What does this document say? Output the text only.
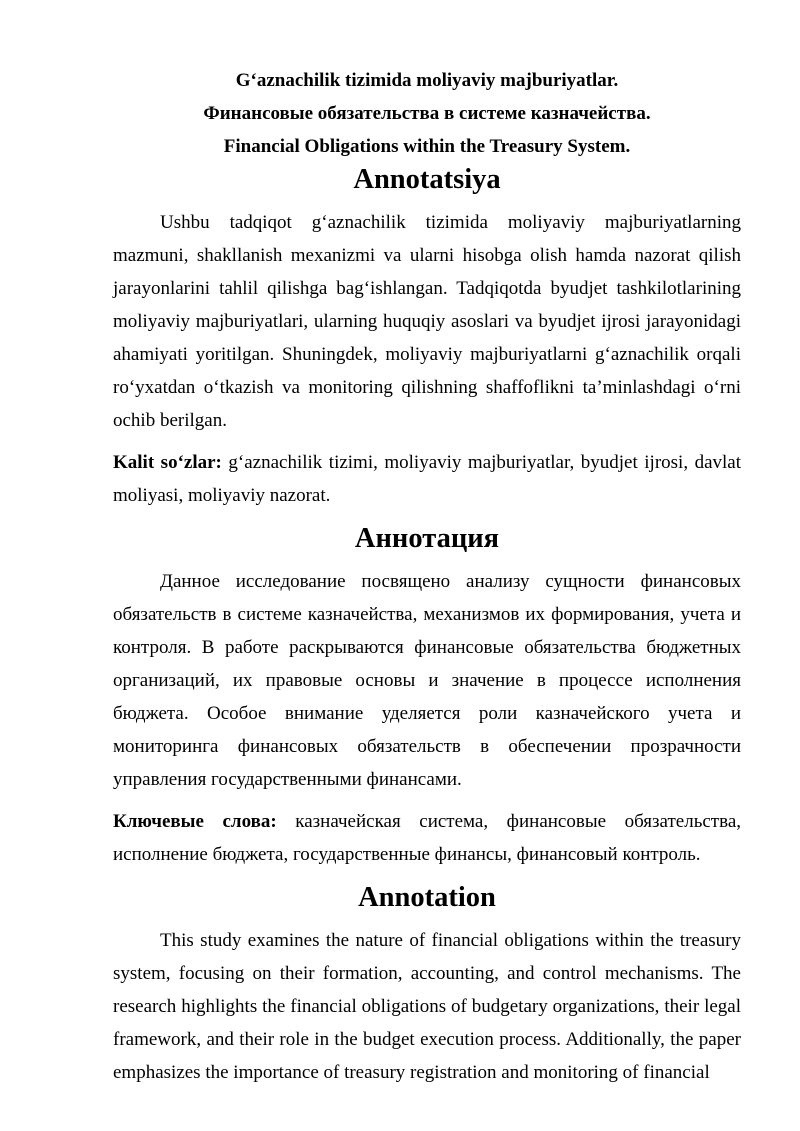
G‘aznachilik tizimida moliyaviy majburiyatlar.
Финансовые обязательства в системе казначейства.
Financial Obligations within the Treasury System.
Annotatsiya

Ushbu tadqiqot g‘aznachilik tizimida moliyaviy majburiyatlarning mazmuni, shakllanish mexanizmi va ularni hisobga olish hamda nazorat qilish jarayonlarini tahlil qilishga bag‘ishlangan. Tadqiqotda byudjet tashkilotlarining moliyaviy majburiyatlari, ularning huquqiy asoslari va byudjet ijrosi jarayonidagi ahamiyati yoritilgan. Shuningdek, moliyaviy majburiyatlarni g‘aznachilik orqali ro‘yxatdan o‘tkazish va monitoring qilishning shaffoflikni ta’minlashdagi o‘rni ochib berilgan.

Kalit so‘zlar: g‘aznachilik tizimi, moliyaviy majburiyatlar, byudjet ijrosi, davlat moliyasi, moliyaviy nazorat.

Аннотация

Данное исследование посвящено анализу сущности финансовых обязательств в системе казначейства, механизмов их формирования, учета и контроля. В работе раскрываются финансовые обязательства бюджетных организаций, их правовые основы и значение в процессе исполнения бюджета. Особое внимание уделяется роли казначейского учета и мониторинга финансовых обязательств в обеспечении прозрачности управления государственными финансами.

Ключевые слова: казначейская система, финансовые обязательства, исполнение бюджета, государственные финансы, финансовый контроль.

Annotation

This study examines the nature of financial obligations within the treasury system, focusing on their formation, accounting, and control mechanisms. The research highlights the financial obligations of budgetary organizations, their legal framework, and their role in the budget execution process. Additionally, the paper emphasizes the importance of treasury registration and monitoring of financial
